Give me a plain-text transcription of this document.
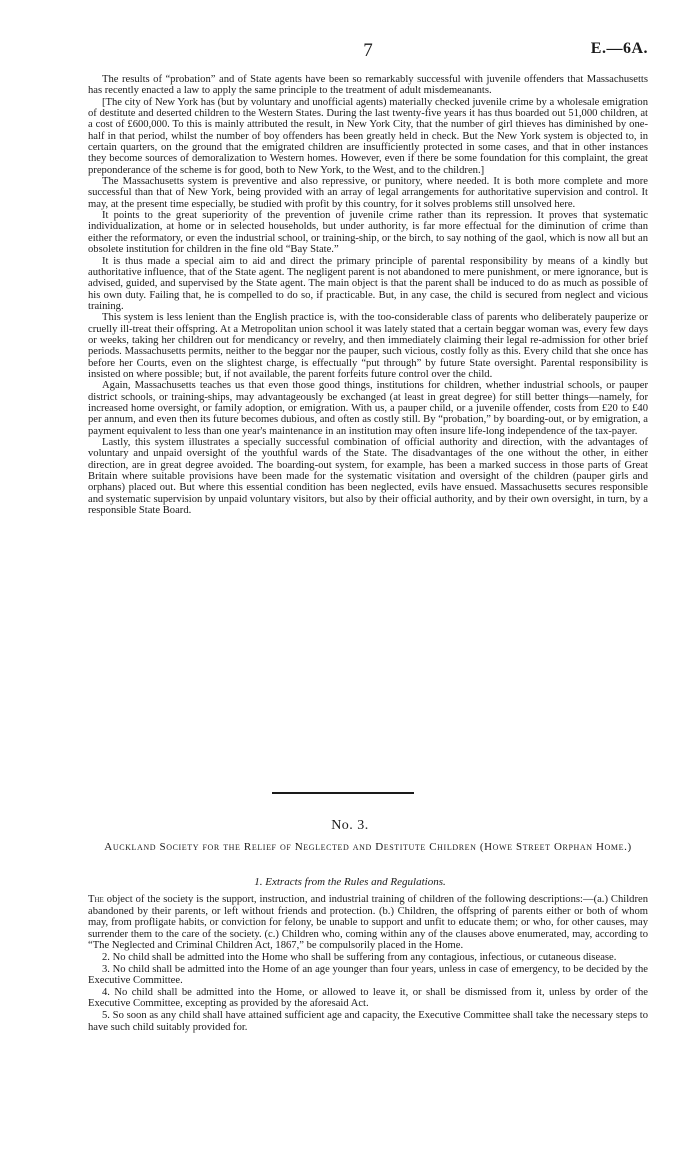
7	E.—6A.

The results of “probation” and of State agents have been so remarkably successful with juvenile offenders that Massachusetts has recently enacted a law to apply the same principle to the treatment of adult misdemeanants.

[The city of New York has (but by voluntary and unofficial agents) materially checked juvenile crime by a wholesale emigration of destitute and deserted children to the Western States. During the last twenty-five years it has thus boarded out 51,000 children, at a cost of £600,000. To this is mainly attributed the result, in New York City, that the number of girl thieves has diminished by one-half in that period, whilst the number of boy offenders has been greatly held in check. But the New York system is objected to, in certain quarters, on the ground that the emigrated children are insufficiently protected in some cases, and that in other instances they become sources of demoralization to Western homes. However, even if there be some foundation for this complaint, the great preponderance of the scheme is for good, both to New York, to the West, and to the children.]

The Massachusetts system is preventive and also repressive, or punitory, where needed. It is both more complete and more successful than that of New York, being provided with an array of legal arrangements for authoritative supervision and control. It may, at the present time especially, be studied with profit by this country, for it solves problems still unsolved here.

It points to the great superiority of the prevention of juvenile crime rather than its repression. It proves that systematic individualization, at home or in selected households, but under authority, is far more effectual for the diminution of crime than either the reformatory, or even the industrial school, or training-ship, or the birch, to say nothing of the gaol, which is now all but an obsolete institution for children in the fine old “Bay State.”

It is thus made a special aim to aid and direct the primary principle of parental responsibility by means of a kindly but authoritative influence, that of the State agent. The negligent parent is not abandoned to mere punishment, or mere ignorance, but is advised, guided, and supervised by the State agent. The main object is that the parent shall be induced to do as much as possible of his own duty. Failing that, he is compelled to do so, if practicable. But, in any case, the child is secured from neglect and vicious training.

This system is less lenient than the English practice is, with the too-considerable class of parents who deliberately pauperize or cruelly ill-treat their offspring. At a Metropolitan union school it was lately stated that a certain beggar woman was, every few days or weeks, taking her children out for mendicancy or revelry, and then immediately claiming their legal re-admission for other brief periods. Massachusetts permits, neither to the beggar nor the pauper, such vicious, costly folly as this. Every child that she once has before her Courts, even on the slightest charge, is effectually “put through” by future State oversight. Parental responsibility is insisted on where possible; but, if not available, the parent forfeits future control over the child.

Again, Massachusetts teaches us that even those good things, institutions for children, whether industrial schools, or pauper district schools, or training-ships, may advantageously be exchanged (at least in great degree) for still better things—namely, for increased home oversight, or family adoption, or emigration. With us, a pauper child, or a juvenile offender, costs from £20 to £40 per annum, and even then its future becomes dubious, and often as costly still. By “probation,” by boarding-out, or by emigration, a payment equivalent to less than one year's maintenance in an institution may often insure life-long independence of the tax-payer.

Lastly, this system illustrates a specially successful combination of official authority and direction, with the advantages of voluntary and unpaid oversight of the youthful wards of the State. The disadvantages of the one without the other, in either direction, are in great degree avoided. The boarding-out system, for example, has been a marked success in those parts of Great Britain where suitable provisions have been made for the systematic visitation and oversight of the children (pauper girls and orphans) placed out. But where this essential condition has been neglected, evils have ensued. Massachusetts secures responsible and systematic supervision by unpaid voluntary visitors, but also by their official authority, and by their own oversight, in turn, by a responsible State Board.

No. 3.
Auckland Society for the Relief of Neglected and Destitute Children (Howe Street Orphan Home.)
1. Extracts from the Rules and Regulations.

The object of the society is the support, instruction, and industrial training of children of the following descriptions:—(a.) Children abandoned by their parents, or left without friends and protection. (b.) Children, the offspring of parents either or both of whom may, from profligate habits, or conviction for felony, be unable to support and unfit to educate them; or who, for other causes, may surrender them to the care of the society. (c.) Children who, coming within any of the clauses above enumerated, may, according to “The Neglected and Criminal Children Act, 1867,” be compulsorily placed in the Home.

2. No child shall be admitted into the Home who shall be suffering from any contagious, infectious, or cutaneous disease.

3. No child shall be admitted into the Home of an age younger than four years, unless in case of emergency, to be decided by the Executive Committee.

4. No child shall be admitted into the Home, or allowed to leave it, or shall be dismissed from it, unless by order of the Executive Committee, excepting as provided by the aforesaid Act.

5. So soon as any child shall have attained sufficient age and capacity, the Executive Committee shall take the necessary steps to have such child suitably provided for.
